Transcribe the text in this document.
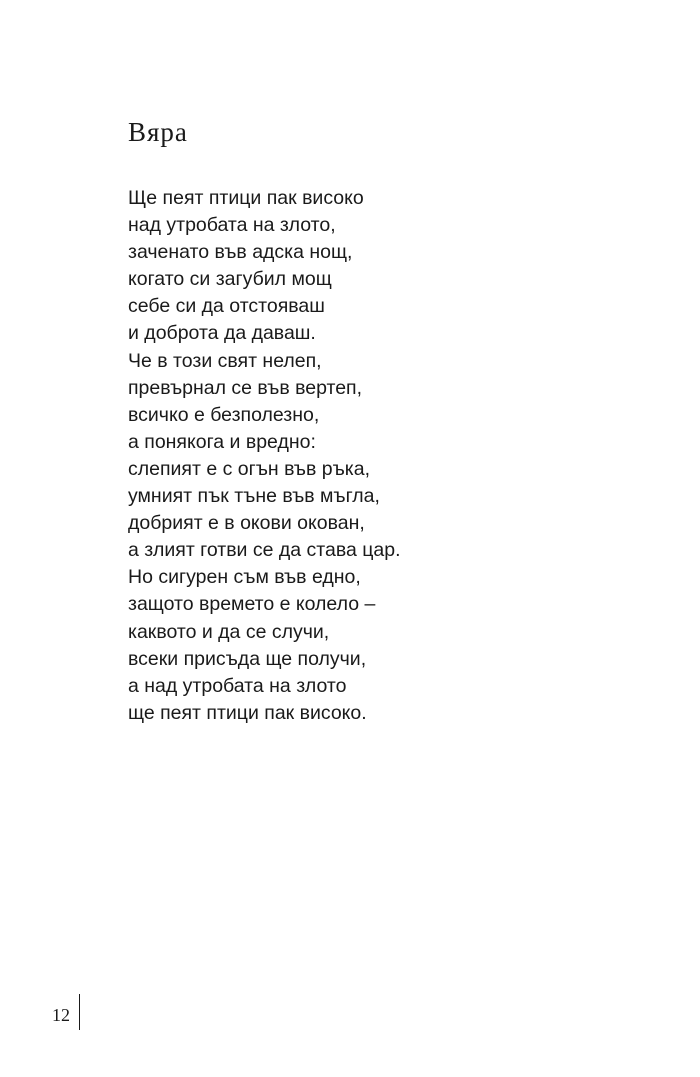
Вяра
Ще пеят птици пак високо
над утробата на злото,
заченато във адска нощ,
когато си загубил мощ
себе си да отстояваш
и доброта да даваш.
Че в този свят нелеп,
превърнал се във вертеп,
всичко е безполезно,
а понякога и вредно:
слепият е с огън във ръка,
умният пък тъне във мъгла,
добрият е в окови окован,
а злият готви се да става цар.
Но сигурен съм във едно,
защото времето е колело –
каквото и да се случи,
всеки присъда ще получи,
а над утробата на злото
ще пеят птици пак високо.
12
